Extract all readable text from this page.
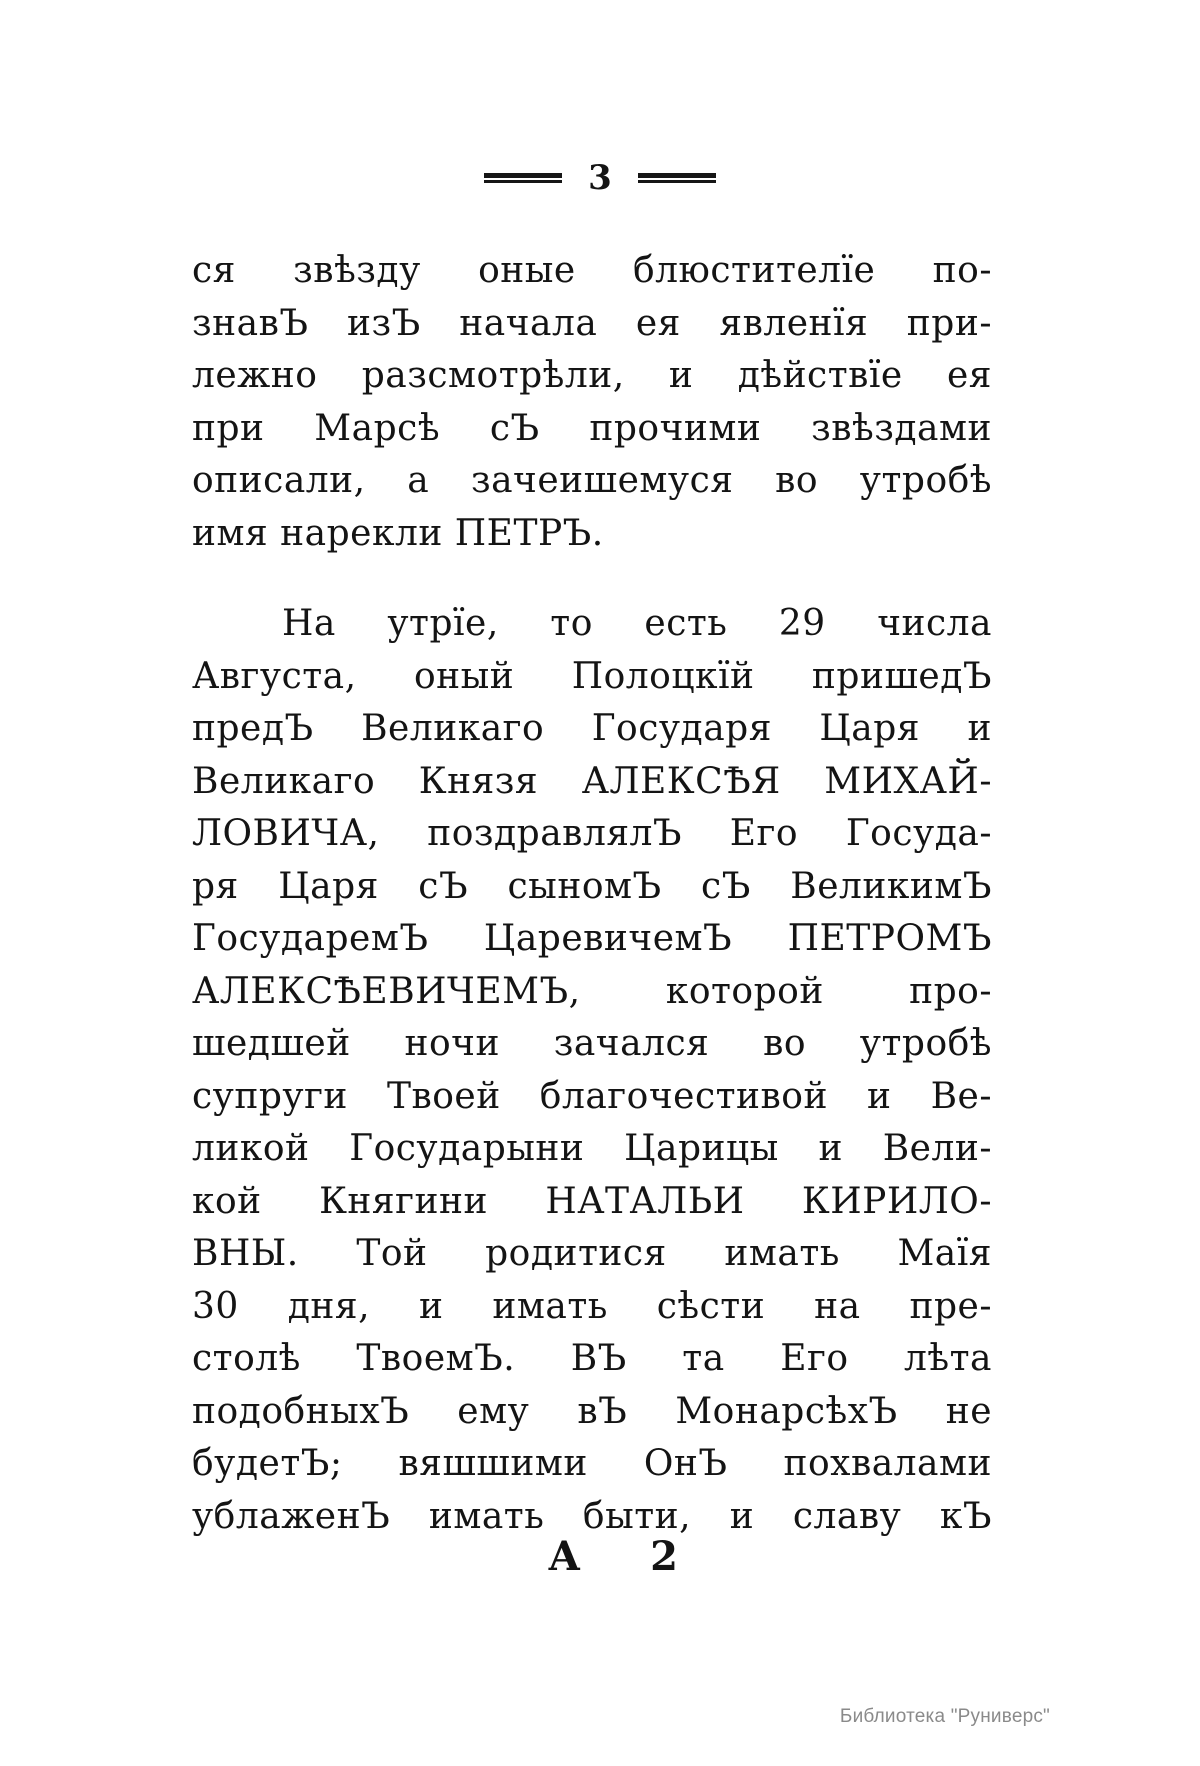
3
ся звѣзду оные блюстителїе по-
знавЪ изЪ начала ея явленїя при-
лежно разсмотрѣли, и дѣйствїе ея
при Марсѣ сЪ прочими звѣздами
описали, а зачеишемуся во утробѣ
имя нарекли ПЕТРЪ.
На утрїе, то есть 29 числа
Августа, оный Полоцкїй пришедЪ
предЪ Великаго Государя Царя и
Великаго Князя АЛЕКСѢЯ МИХАЙ-
ЛОВИЧА, поздравлялЪ Его Госуда-
ря Царя сЪ сыномЪ сЪ ВеликимЪ
ГосударемЪ ЦаревичемЪ ПЕТРОМЪ
АЛЕКСѢЕВИЧЕМЪ, которой про-
шедшей ночи зачался во утробѣ
супруги Твоей благочестивой и Ве-
ликой Государыни Царицы и Вели-
кой Княгини НАТАЛЬИ КИРИЛО-
ВНЫ. Той родитися имать Маїя
30 дня, и имать сѣсти на пре-
столѣ ТвоемЪ. ВЪ та Его лѣта
подобныхЪ ему вЪ МонарсѣхЪ не
будетЪ; вяшшими ОнЪ похвалами
ублаженЪ имать быти, и славу кЪ
А 2
Библиотека "Руниверс"
